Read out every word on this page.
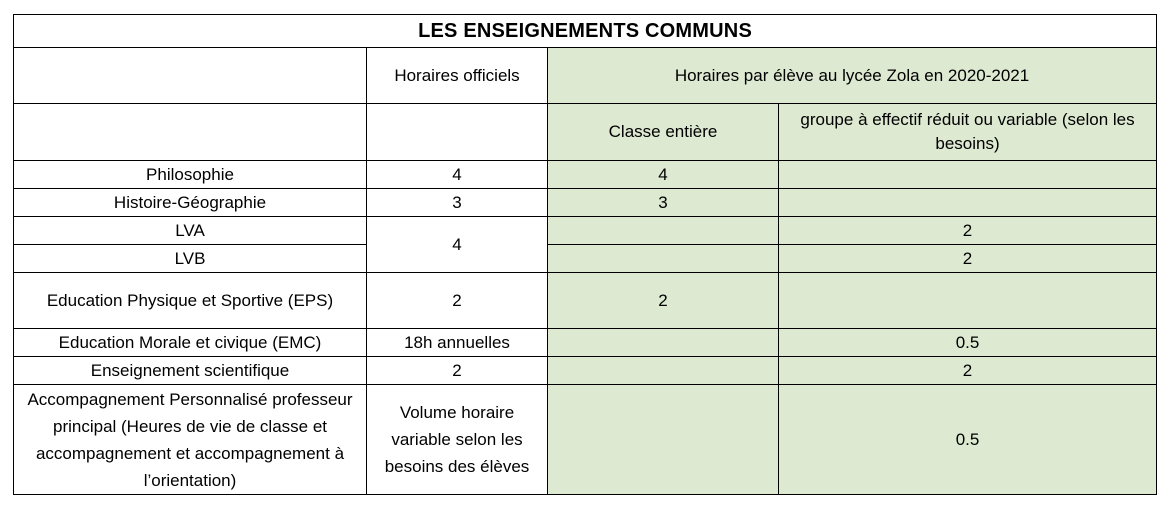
LES ENSEIGNEMENTS COMMUNS			
	Horaires officiels	Horaires par élève au lycée Zola en 2020-2021	
		Classe entière	groupe à effectif réduit ou variable (selon les besoins)
Philosophie	4	4	
Histoire-Géographie	3	3	
LVA	4		2
LVB			2
Education Physique et Sportive (EPS)	2	2	
Education Morale et civique (EMC)	18h annuelles		0.5
Enseignement scientifique	2		2
Accompagnement Personnalisé professeur principal (Heures de vie de classe et accompagnement et accompagnement à l’orientation)	Volume horaire variable selon les besoins des élèves		0.5
